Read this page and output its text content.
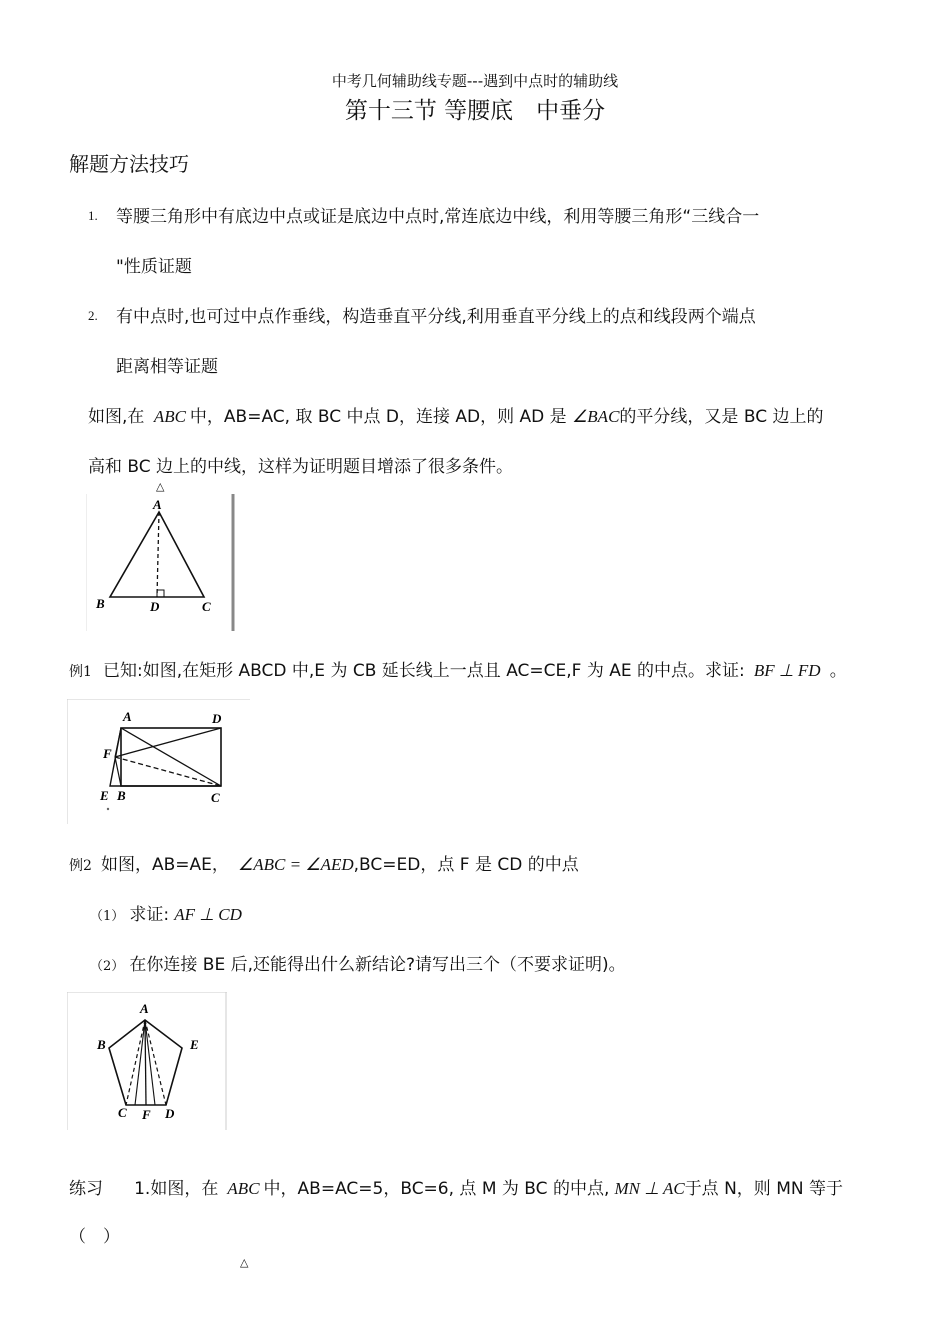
中考几何辅助线专题---遇到中点时的辅助线
第十三节 等腰底　中垂分
解题方法技巧
1. 等腰三角形中有底边中点或证是底边中点时,常连底边中线，利用等腰三角形“三线合一
"性质证题
2. 有中点时,也可过中点作垂线，构造垂直平分线,利用垂直平分线上的点和线段两个端点
距离相等证题
如图,在 ABC 中，AB=AC, 取 BC 中点 D，连接 AD，则 AD 是 ∠BAC的平分线，又是 BC 边上的
高和 BC 边上的中线，这样为证明题目增添了很多条件。
△
A
B	D	C
例1 已知:如图,在矩形 ABCD 中,E 为 CB 延长线上一点且 AC=CE,F 为 AE 的中点。求证: BF ⊥ FD 。
A	D
F
E B	C
例2 如图，AB=AE， ∠ABC = ∠AED,BC=ED，点 F 是 CD 的中点
（1） 求证: AF ⊥ CD
（2） 在你连接 BE 后,还能得出什么新结论?请写出三个（不要求证明)。
A
B	E
C F D
练习 1.如图，在 ABC 中，AB=AC=5，BC=6, 点 M 为 BC 的中点, MN ⊥ AC于点 N，则 MN 等于
（　）
△
